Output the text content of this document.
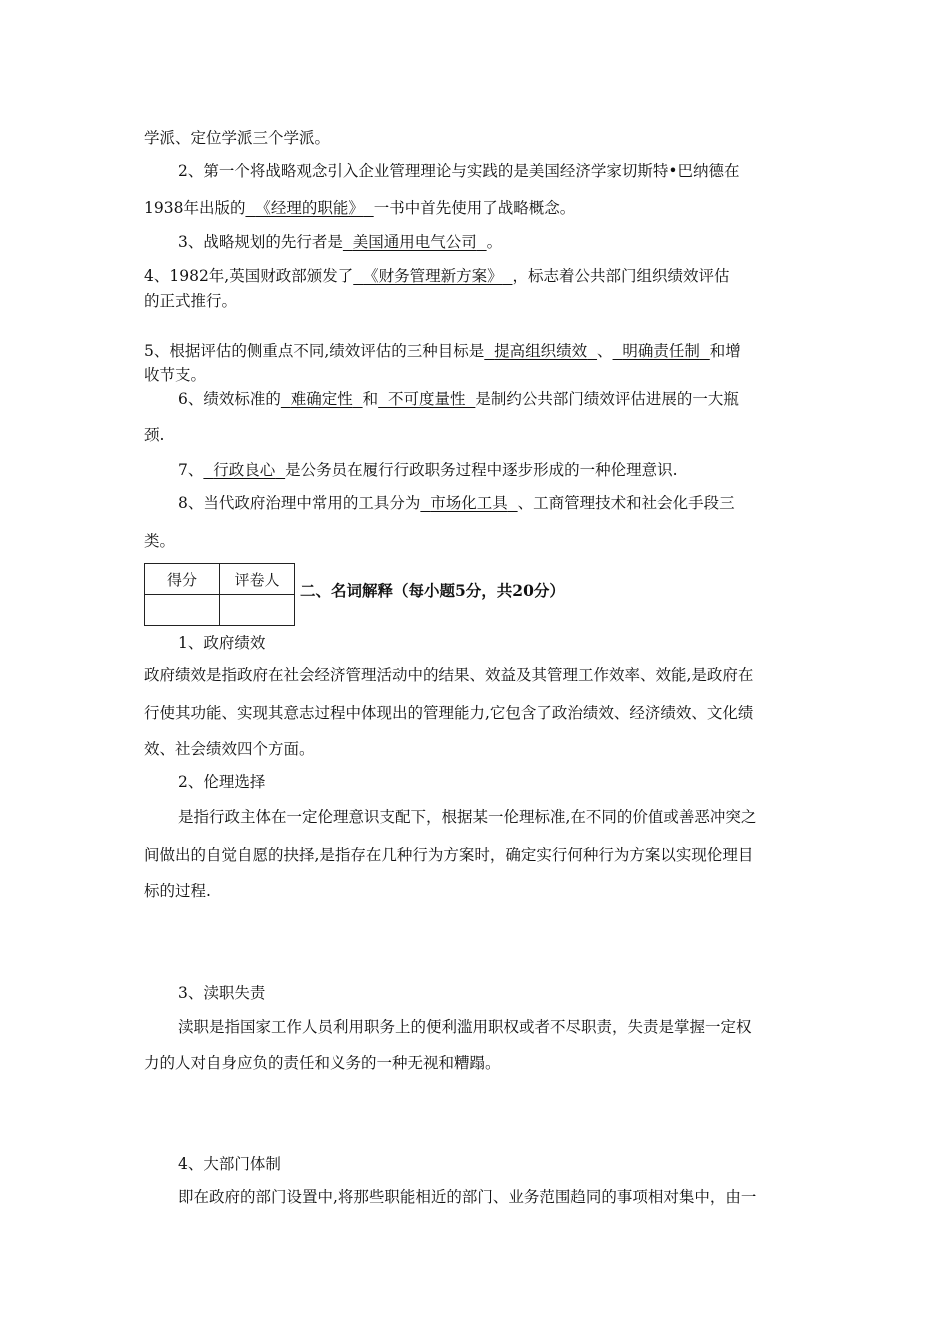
学派、定位学派三个学派。
2、第一个将战略观念引入企业管理理论与实践的是美国经济学家切斯特•巴纳德在
1938年出版的 《经理的职能》 一书中首先使用了战略概念。
3、战略规划的先行者是 美国通用电气公司 。
4、1982年,英国财政部颁发了 《财务管理新方案》 ，标志着公共部门组织绩效评估
的正式推行。
5、根据评估的侧重点不同,绩效评估的三种目标是 提高组织绩效 、 明确责任制 和增
收节支。
6、绩效标准的 难确定性 和 不可度量性 是制约公共部门绩效评估进展的一大瓶
颈.
7、 行政良心 是公务员在履行行政职务过程中逐步形成的一种伦理意识.
8、当代政府治理中常用的工具分为 市场化工具 、工商管理技术和社会化手段三
类。
得分	评卷人

二、名词解释（每小题5分，共20分）
1、政府绩效
政府绩效是指政府在社会经济管理活动中的结果、效益及其管理工作效率、效能,是政府在
行使其功能、实现其意志过程中体现出的管理能力,它包含了政治绩效、经济绩效、文化绩
效、社会绩效四个方面。
2、伦理选择
是指行政主体在一定伦理意识支配下，根据某一伦理标准,在不同的价值或善恶冲突之
间做出的自觉自愿的抉择,是指存在几种行为方案时，确定实行何种行为方案以实现伦理目
标的过程.
3、渎职失责
渎职是指国家工作人员利用职务上的便利滥用职权或者不尽职责，失责是掌握一定权
力的人对自身应负的责任和义务的一种无视和糟蹋。
4、大部门体制
即在政府的部门设置中,将那些职能相近的部门、业务范围趋同的事项相对集中，由一
